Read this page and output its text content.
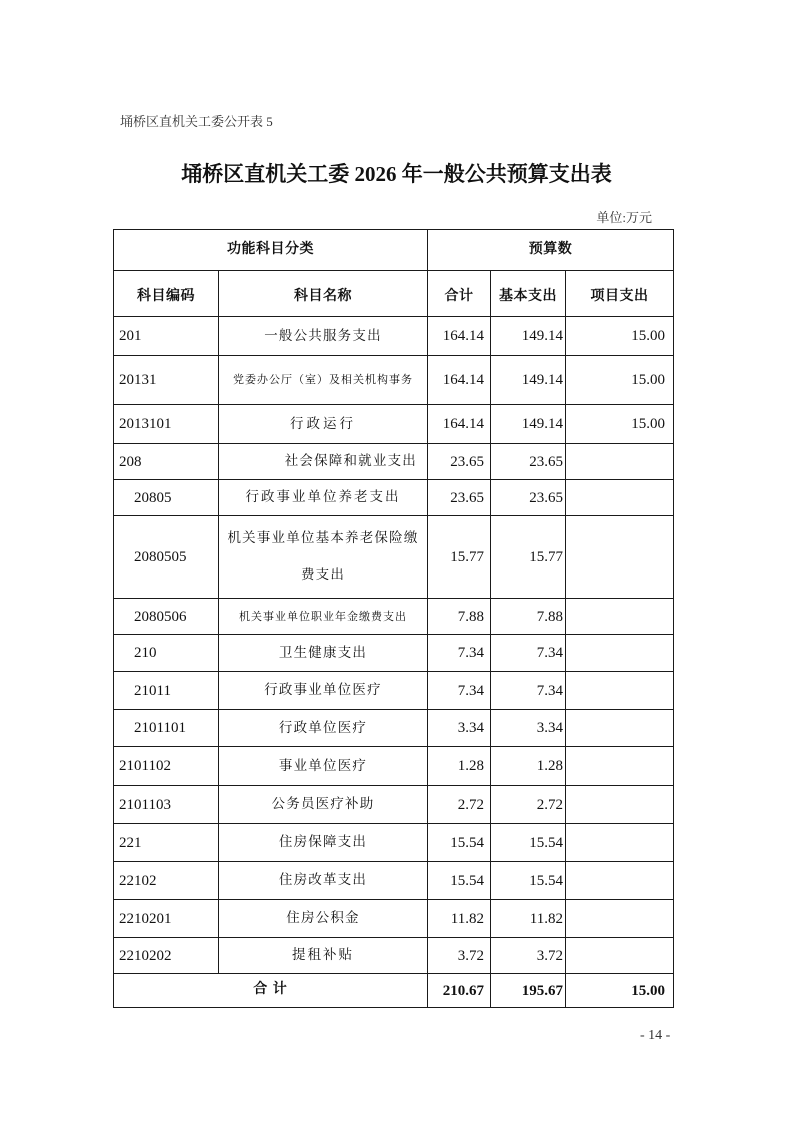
埇桥区直机关工委公开表 5
埇桥区直机关工委 2026 年一般公共预算支出表
单位:万元
功能科目分类		预算数		
科目编码	科目名称	合计	基本支出	项目支出
201	一般公共服务支出	164.14	149.14	15.00
20131	党委办公厅（室）及相关机构事务	164.14	149.14	15.00
2013101	行政运行	164.14	149.14	15.00
208	社会保障和就业支出	23.65	23.65	
20805	行政事业单位养老支出	23.65	23.65	
2080505	机关事业单位基本养老保险缴费支出	15.77	15.77	
2080506	机关事业单位职业年金缴费支出	7.88	7.88	
210	卫生健康支出	7.34	7.34	
21011	行政事业单位医疗	7.34	7.34	
2101101	行政单位医疗	3.34	3.34	
2101102	事业单位医疗	1.28	1.28	
2101103	公务员医疗补助	2.72	2.72	
221	住房保障支出	15.54	15.54	
22102	住房改革支出	15.54	15.54	
2210201	住房公积金	11.82	11.82	
2210202	提租补贴	3.72	3.72	
合 计		210.67	195.67	15.00
- 14 -
